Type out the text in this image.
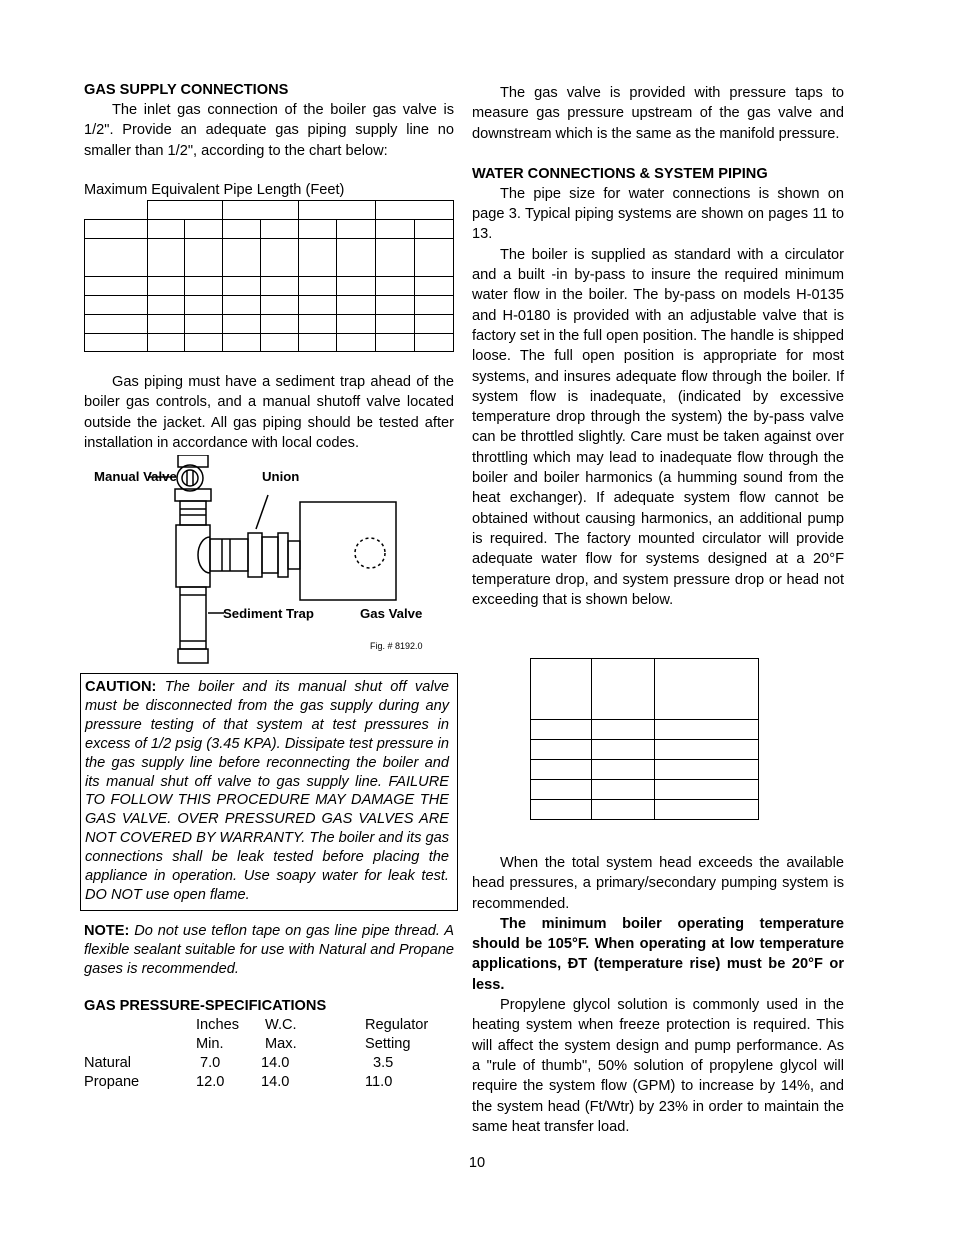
GAS SUPPLY CONNECTIONS

The inlet gas connection of the boiler gas valve is 1/2". Provide an adequate gas piping supply line no smaller than 1/2", according to the chart below:

Maximum Equivalent Pipe Length (Feet)

Gas piping must have a sediment trap ahead of the boiler gas controls, and a manual shutoff valve located outside the jacket. All gas piping should be tested after installation in accordance with local codes.

Manual Valve	Union
Sediment Trap	Gas Valve
Fig. # 8192.0
CAUTION: The boiler and its manual shut off valve must be disconnected from the gas supply during any pressure testing of that system at test pressures in excess of 1/2 psig (3.45 KPA). Dissipate test pressure in the gas supply line before reconnecting the boiler and its manual shut off valve to gas supply line. FAILURE TO FOLLOW THIS PROCEDURE MAY DAMAGE THE GAS VALVE. OVER PRESSURED GAS VALVES ARE NOT COVERED BY WARRANTY. The boiler and its gas connections shall be leak tested before placing the appliance in operation. Use soapy water for leak test. DO NOT use open flame.
NOTE: Do not use teflon tape on gas line pipe thread. A flexible sealant suitable for use with Natural and Propane gases is recommended.
GAS PRESSURE-SPECIFICATIONS
Inches W.C.	Regulator
Min.	Max.	Setting
Natural	7.0	14.0	3.5
Propane	12.0	14.0	11.0

The gas valve is provided with pressure taps to measure gas pressure upstream of the gas valve and downstream which is the same as the manifold pressure.

WATER CONNECTIONS & SYSTEM PIPING

The pipe size for water connections is shown on page 3. Typical piping systems are shown on pages 11 to 13.

The boiler is supplied as standard with a circulator and a built -in by-pass to insure the required minimum water flow in the boiler. The by-pass on models H-0135 and H-0180 is provided with an adjustable valve that is factory set in the full open position. The handle is shipped loose. The full open position is appropriate for most systems, and insures adequate flow through the boiler. If system flow is inadequate, (indicated by excessive temperature drop through the system) the by-pass valve can be throttled slightly. Care must be taken against over throttling which may lead to inadequate flow through the boiler and boiler harmonics (a humming sound from the heat exchanger). If adequate system flow cannot be obtained without causing harmonics, an additional pump is required. The factory mounted circulator will provide adequate water flow for systems designed at a 20°F temperature drop, and system pressure drop or head not exceeding that is shown below.

When the total system head exceeds the available head pressures, a primary/secondary pumping system is recommended.

The minimum boiler operating temperature should be 105°F. When operating at low temperature applications, ÐT (temperature rise) must be 20°F or less.

Propylene glycol solution is commonly used in the heating system when freeze protection is required. This will affect the system design and pump performance. As a "rule of thumb", 50% solution of propylene glycol will require the system flow (GPM) to increase by 14%, and the system head (Ft/Wtr) by 23% in order to maintain the same heat transfer load.

10
